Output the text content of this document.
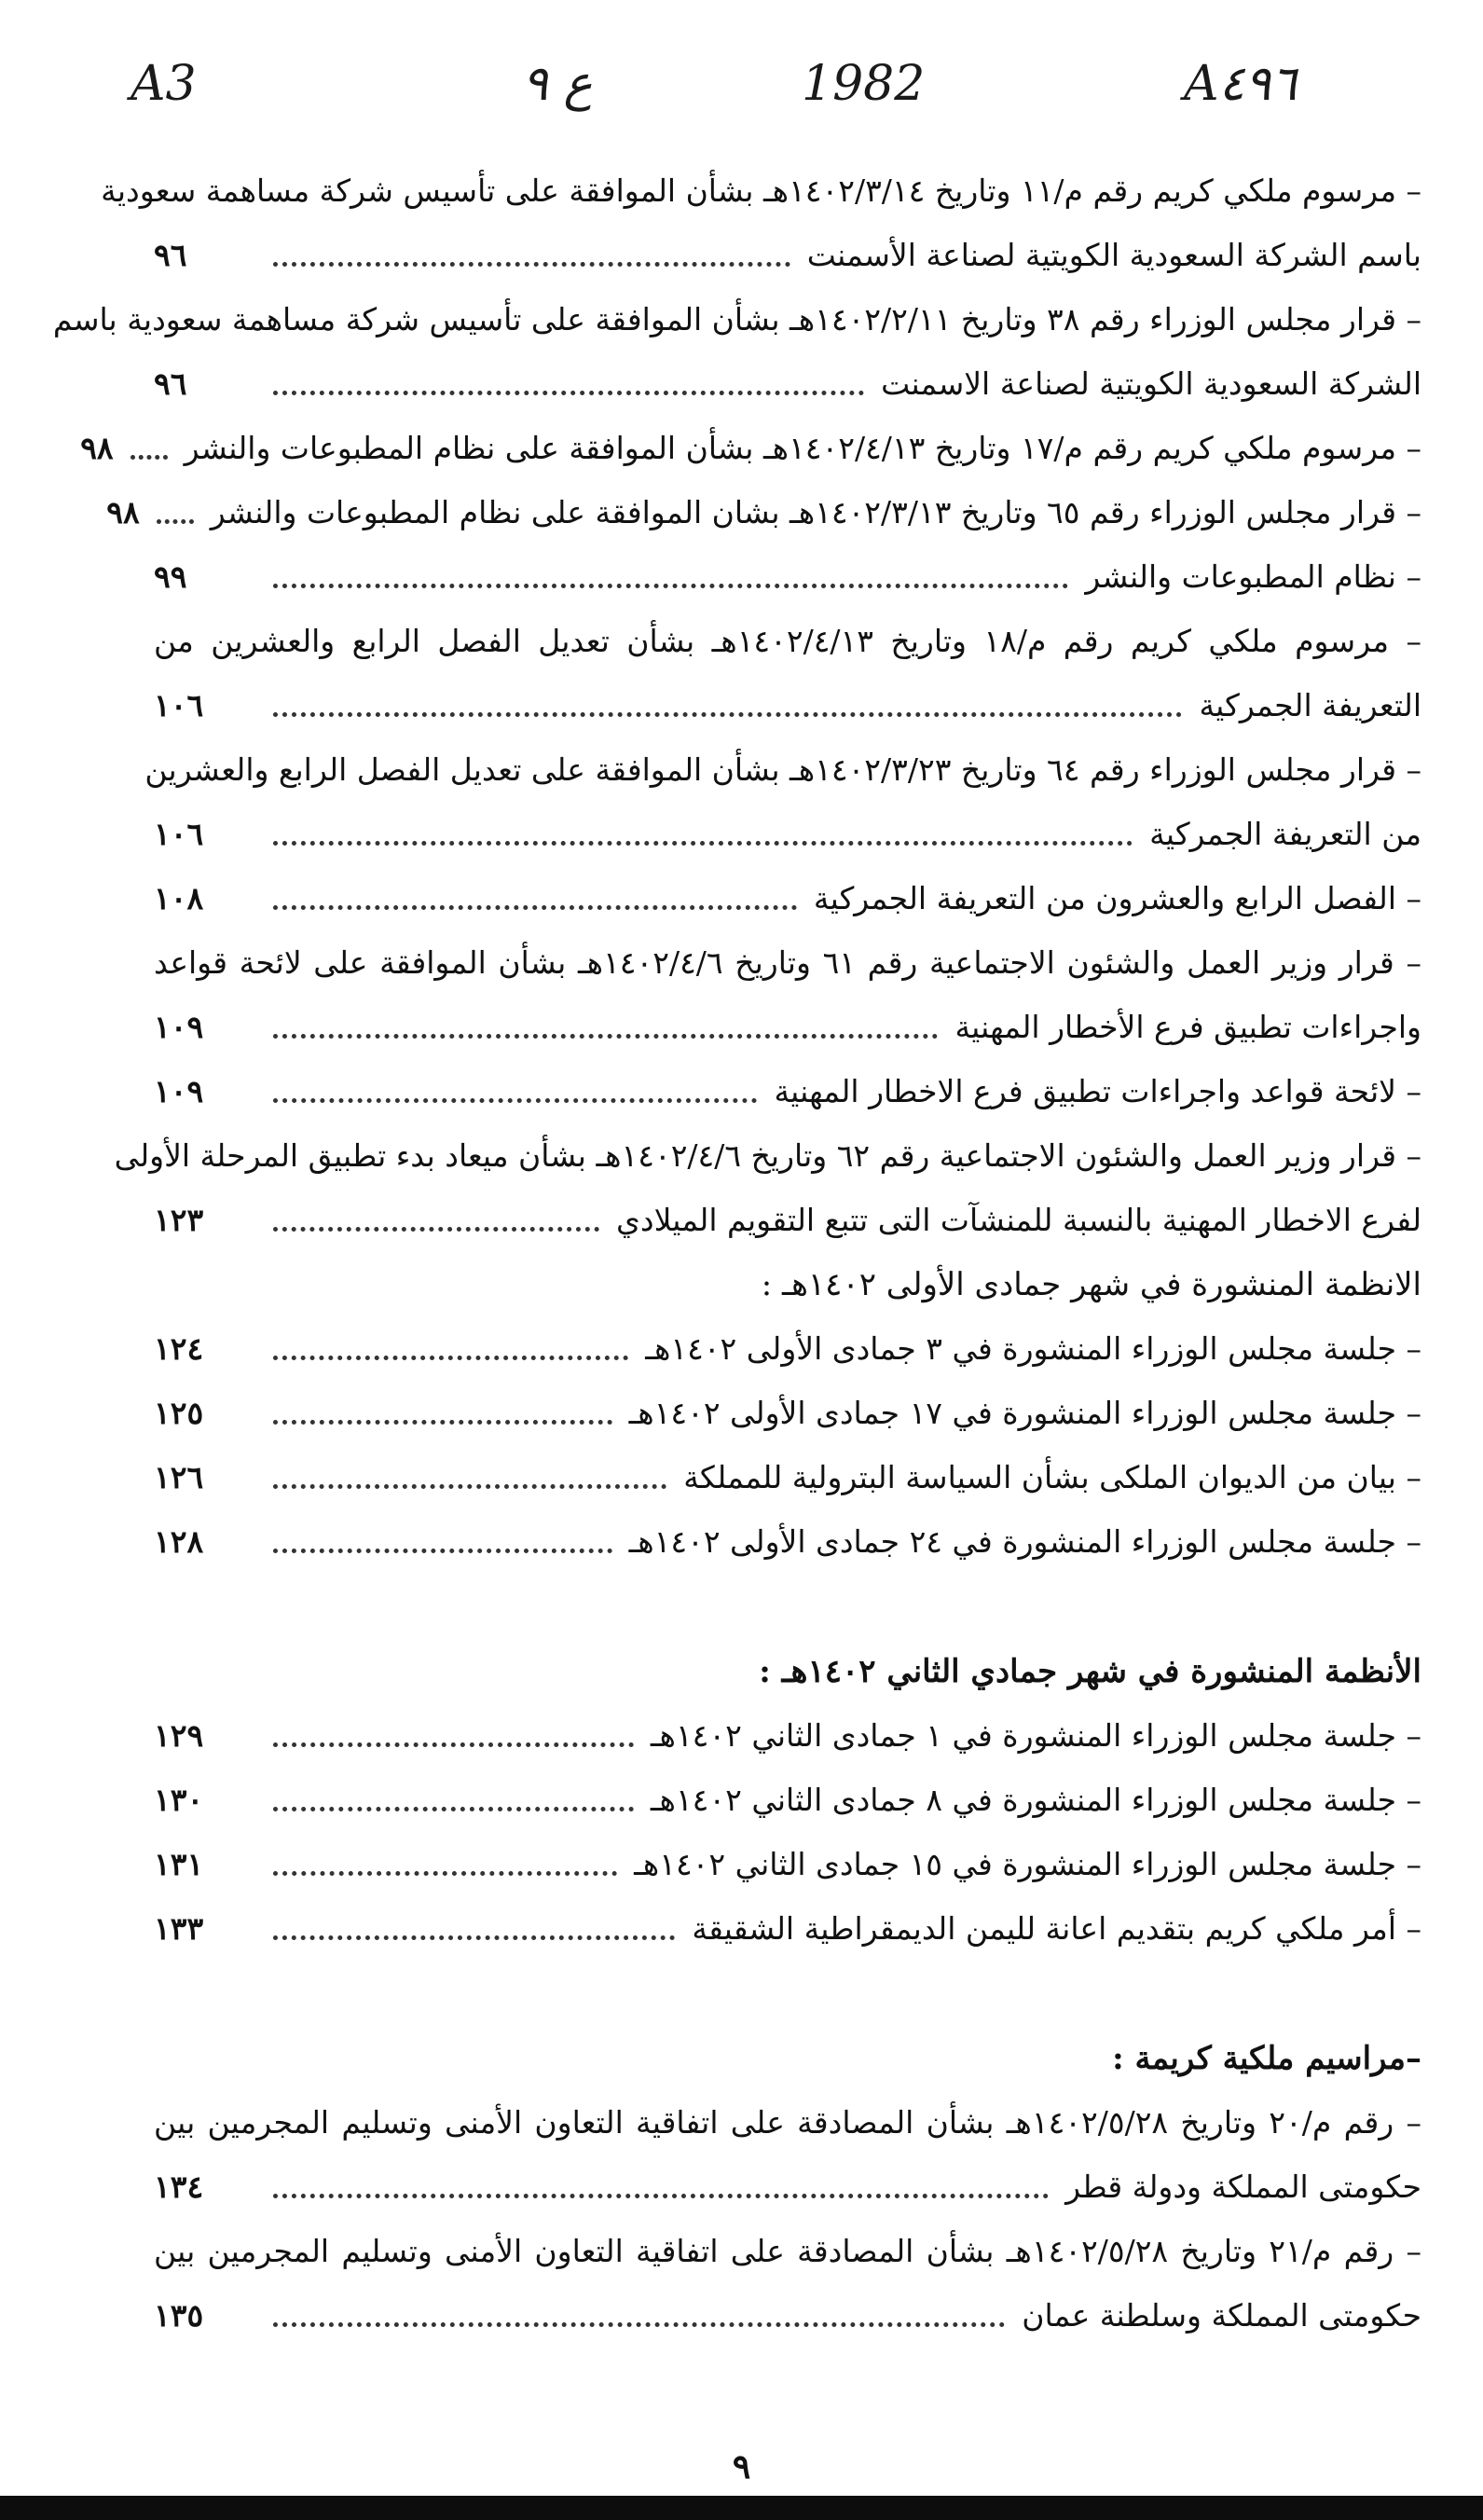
A3	ع ٩	1982	A٤٩٦
– مرسوم ملكي كريم رقم م/١١ وتاريخ ١٤٠٢/٣/١٤هـ بشأن الموافقة على تأسيس شركة مساهمة سعودية
باسم الشركة السعودية الكويتية لصناعة الأسمنت
٩٦
– قرار مجلس الوزراء رقم ٣٨ وتاريخ ١٤٠٢/٢/١١هـ بشأن الموافقة على تأسيس شركة مساهمة سعودية باسم
الشركة السعودية الكويتية لصناعة الاسمنت
٩٦
– مرسوم ملكي كريم رقم م/١٧ وتاريخ ١٤٠٢/٤/١٣هـ بشأن الموافقة على نظام المطبوعات والنشر
٩٨
– قرار مجلس الوزراء رقم ٦٥ وتاريخ ١٤٠٢/٣/١٣هـ بشان الموافقة على نظام المطبوعات والنشر
٩٨
– نظام المطبوعات والنشر
٩٩
– مرسوم ملكي كريم رقم م/١٨ وتاريخ ١٤٠٢/٤/١٣هـ بشأن تعديل الفصل الرابع والعشرين من
التعريفة الجمركية
١٠٦
– قرار مجلس الوزراء رقم ٦٤ وتاريخ ١٤٠٢/٣/٢٣هـ بشأن الموافقة على تعديل الفصل الرابع والعشرين
من التعريفة الجمركية
١٠٦
– الفصل الرابع والعشرون من التعريفة الجمركية
١٠٨
– قرار وزير العمل والشئون الاجتماعية رقم ٦١ وتاريخ ١٤٠٢/٤/٦هـ بشأن الموافقة على لائحة قواعد
واجراءات تطبيق فرع الأخطار المهنية
١٠٩
– لائحة قواعد واجراءات تطبيق فرع الاخطار المهنية
١٠٩
– قرار وزير العمل والشئون الاجتماعية رقم ٦٢ وتاريخ ١٤٠٢/٤/٦هـ بشأن ميعاد بدء تطبيق المرحلة الأولى
لفرع الاخطار المهنية بالنسبة للمنشآت التى تتبع التقويم الميلادي
١٢٣
الانظمة المنشورة في شهر جمادى الأولى ١٤٠٢هـ :
– جلسة مجلس الوزراء المنشورة في ٣ جمادى الأولى ١٤٠٢هـ
١٢٤
– جلسة مجلس الوزراء المنشورة في ١٧ جمادى الأولى ١٤٠٢هـ
١٢٥
– بيان من الديوان الملكى بشأن السياسة البترولية للمملكة
١٢٦
– جلسة مجلس الوزراء المنشورة في ٢٤ جمادى الأولى ١٤٠٢هـ
١٢٨
الأنظمة المنشورة في شهر جمادي الثاني ١٤٠٢هـ :
– جلسة مجلس الوزراء المنشورة في ١ جمادى الثاني ١٤٠٢هـ
١٢٩
– جلسة مجلس الوزراء المنشورة في ٨ جمادى الثاني ١٤٠٢هـ
١٣٠
– جلسة مجلس الوزراء المنشورة في ١٥ جمادى الثاني ١٤٠٢هـ
١٣١
– أمر ملكي كريم بتقديم اعانة لليمن الديمقراطية الشقيقة
١٣٣
– مراسيم ملكية كريمة :
– رقم م/٢٠ وتاريخ ١٤٠٢/٥/٢٨هـ بشأن المصادقة على اتفاقية التعاون الأمنى وتسليم المجرمين بين
حكومتى المملكة ودولة قطر
١٣٤
– رقم م/٢١ وتاريخ ١٤٠٢/٥/٢٨هـ بشأن المصادقة على اتفاقية التعاون الأمنى وتسليم المجرمين بين
حكومتى المملكة وسلطنة عمان
١٣٥
٩
